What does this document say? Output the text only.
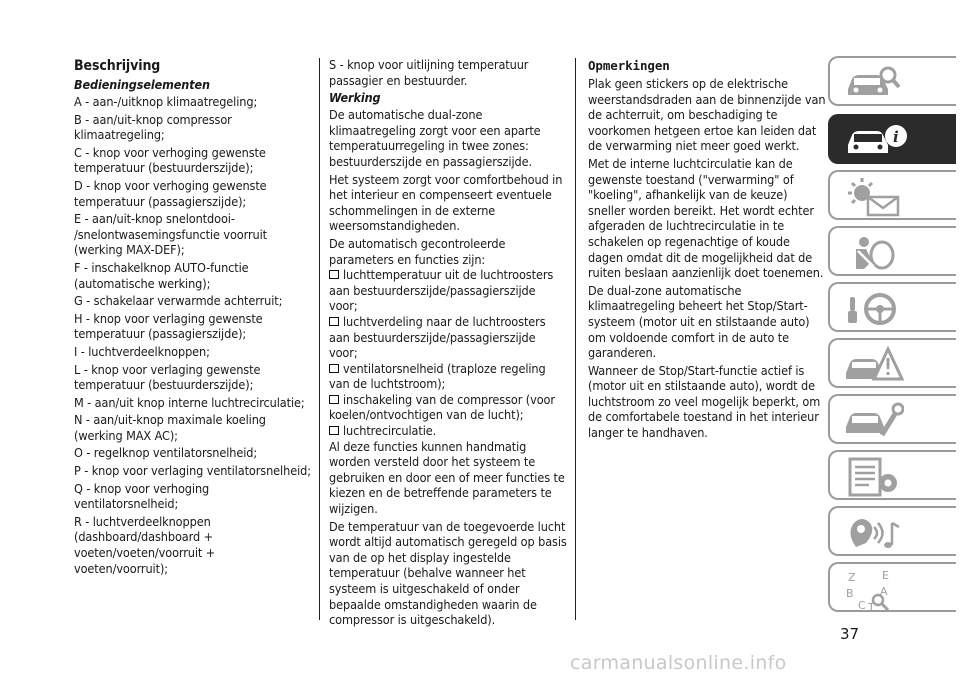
Beschrijving

Bedieningselementen

A - aan-/uitknop klimaatregeling;

B - aan/uit-knop compressor klimaatregeling;

C - knop voor verhoging gewenste temperatuur (bestuurderszijde);

D - knop voor verhoging gewenste temperatuur (passagierszijde);

E - aan/uit-knop snelontdooi- /snelontwasemingsfunctie voorruit (werking MAX-DEF);

F - inschakelknop AUTO-functie (automatische werking);

G - schakelaar verwarmde achterruit;

H - knop voor verlaging gewenste temperatuur (passagierszijde);

I - luchtverdeelknoppen;

L - knop voor verlaging gewenste temperatuur (bestuurderszijde);

M - aan/uit knop interne luchtrecirculatie;

N - aan/uit-knop maximale koeling (werking MAX AC);

O - regelknop ventilatorsnelheid;

P - knop voor verlaging ventilatorsnelheid;

Q - knop voor verhoging ventilatorsnelheid;

R - luchtverdeelknoppen (dashboard/dashboard + voeten/voeten/voorruit + voeten/voorruit);

S - knop voor uitlijning temperatuur passagier en bestuurder.

Werking

De automatische dual-zone klimaatregeling zorgt voor een aparte temperatuurregeling in twee zones: bestuurderszijde en passagierszijde.

Het systeem zorgt voor comfortbehoud in het interieur en compenseert eventuele schommelingen in de externe weersomstandigheden.

De automatisch gecontroleerde parameters en functies zijn:

luchttemperatuur uit de luchtroosters aan bestuurderszijde/passagierszijde voor;

luchtverdeling naar de luchtroosters aan bestuurderszijde/passagierszijde voor;

ventilatorsnelheid (traploze regeling van de luchtstroom);

inschakeling van de compressor (voor koelen/ontvochtigen van de lucht);

luchtrecirculatie.

Al deze functies kunnen handmatig worden versteld door het systeem te gebruiken en door een of meer functies te kiezen en de betreffende parameters te wijzigen.

De temperatuur van de toegevoerde lucht wordt altijd automatisch geregeld op basis van de op het display ingestelde temperatuur (behalve wanneer het systeem is uitgeschakeld of onder bepaalde omstandigheden waarin de compressor is uitgeschakeld).

Opmerkingen

Plak geen stickers op de elektrische weerstandsdraden aan de binnenzijde van de achterruit, om beschadiging te voorkomen hetgeen ertoe kan leiden dat de verwarming niet meer goed werkt.

Met de interne luchtcirculatie kan de gewenste toestand ("verwarming" of "koeling", afhankelijk van de keuze) sneller worden bereikt. Het wordt echter afgeraden de luchtrecirculatie in te schakelen op regenachtige of koude dagen omdat dit de mogelijkheid dat de ruiten beslaan aanzienlijk doet toenemen.

De dual-zone automatische klimaatregeling beheert het Stop/Start-systeem (motor uit en stilstaande auto) om voldoende comfort in de auto te garanderen.

Wanneer de Stop/Start-functie actief is (motor uit en stilstaande auto), wordt de luchtstroom zo veel mogelijk beperkt, om de comfortabele toestand in het interieur langer te handhaven.

i
Z E
B A
C T
37
carmanualsonline.info
